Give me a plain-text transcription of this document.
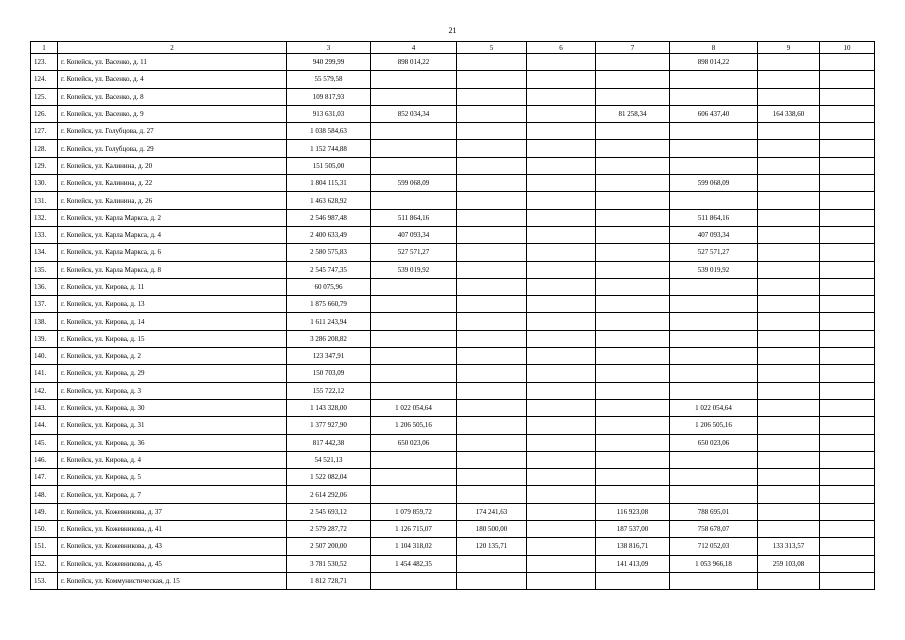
21
1	2	3	4	5	6	7	8	9	10
123.	г. Копейск, ул. Васенко, д. 11	940 299,99	898 014,22				898 014,22		
124.	г. Копейск, ул. Васенко, д. 4	55 579,58							
125.	г. Копейск, ул. Васенко, д. 8	109 817,93							
126.	г. Копейск, ул. Васенко, д. 9	913 631,03	852 034,34			81 258,34	606 437,40	164 338,60	
127.	г. Копейск, ул. Голубцова, д. 27	1 038 584,63							
128.	г. Копейск, ул. Голубцова, д. 29	1 152 744,88							
129.	г. Копейск, ул. Калинина, д. 20	151 505,00							
130.	г. Копейск, ул. Калинина, д. 22	1 804 115,31	599 068,09				599 068,09		
131.	г. Копейск, ул. Калинина, д. 26	1 463 628,92							
132.	г. Копейск, ул. Карла Маркса, д. 2	2 546 987,48	511 864,16				511 864,16		
133.	г. Копейск, ул. Карла Маркса, д. 4	2 400 633,49	407 093,34				407 093,34		
134.	г. Копейск, ул. Карла Маркса, д. 6	2 580 575,83	527 571,27				527 571,27		
135.	г. Копейск, ул. Карла Маркса, д. 8	2 545 747,35	539 019,92				539 019,92		
136.	г. Копейск, ул. Кирова, д. 11	60 075,96							
137.	г. Копейск, ул. Кирова, д. 13	1 875 660,79							
138.	г. Копейск, ул. Кирова, д. 14	1 611 243,94							
139.	г. Копейск, ул. Кирова, д. 15	3 286 208,82							
140.	г. Копейск, ул. Кирова, д. 2	123 347,91							
141.	г. Копейск, ул. Кирова, д. 29	150 703,09							
142.	г. Копейск, ул. Кирова, д. 3	155 722,12							
143.	г. Копейск, ул. Кирова, д. 30	1 143 328,00	1 022 054,64				1 022 054,64		
144.	г. Копейск, ул. Кирова, д. 31	1 377 927,90	1 206 505,16				1 206 505,16		
145.	г. Копейск, ул. Кирова, д. 36	817 442,38	650 023,06				650 023,06		
146.	г. Копейск, ул. Кирова, д. 4	54 521,13							
147.	г. Копейск, ул. Кирова, д. 5	1 522 082,04							
148.	г. Копейск, ул. Кирова, д. 7	2 614 292,06							
149.	г. Копейск, ул. Кожевникова, д. 37	2 545 693,12	1 079 859,72	174 241,63		116 923,08	788 695,01		
150.	г. Копейск, ул. Кожевникова, д. 41	2 579 287,72	1 126 715,07	180 500,00		187 537,00	758 678,07		
151.	г. Копейск, ул. Кожевникова, д. 43	2 507 200,00	1 104 318,02	120 135,71		138 816,71	712 052,03	133 313,57	
152.	г. Копейск, ул. Кожевникова, д. 45	3 781 530,52	1 454 482,35			141 413,09	1 053 966,18	259 103,08	
153.	г. Копейск, ул. Коммунистическая, д. 15	1 812 728,71							
